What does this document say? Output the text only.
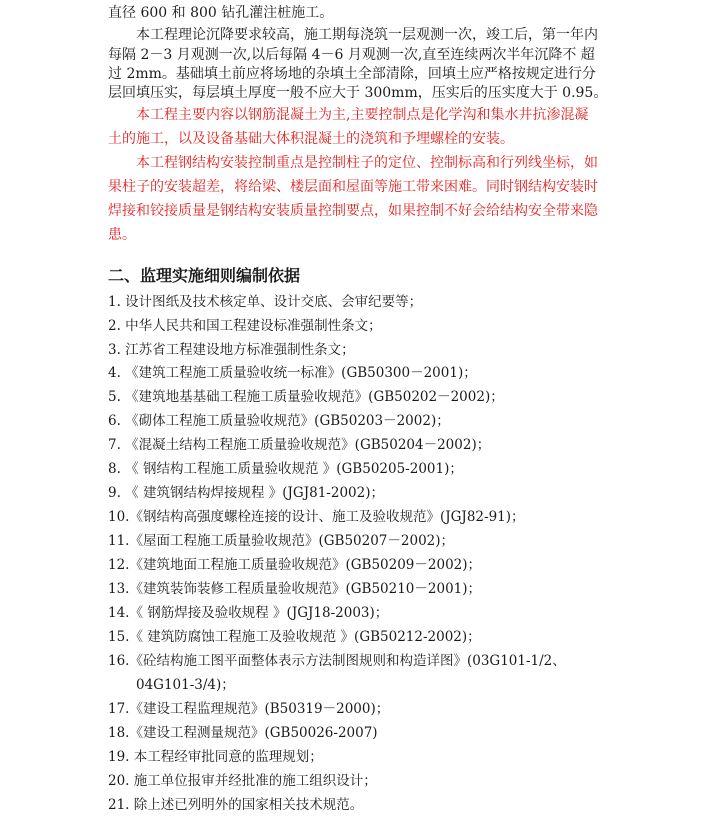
直径 600 和 800 钻孔灌注桩施工。
本工程理论沉降要求较高，施工期每浇筑一层观测一次，竣工后，第一年内
每隔 2－3 月观测一次,以后每隔 4－6 月观测一次,直至连续两次半年沉降不 超
过 2mm。基础填土前应将场地的杂填土全部清除，回填土应严格按规定进行分
层回填压实，每层填土厚度一般不应大于 300mm，压实后的压实度大于 0.95。
本工程主要内容以钢筋混凝土为主,主要控制点是化学沟和集水井抗渗混凝
土的施工，以及设备基础大体积混凝土的浇筑和予埋螺栓的安装。
本工程钢结构安装控制重点是控制柱子的定位、控制标高和行列线坐标，如
果柱子的安装超差，将给梁、楼层面和屋面等施工带来困难。同时钢结构安装时
焊接和铰接质量是钢结构安装质量控制要点，如果控制不好会给结构安全带来隐
患。
二、监理实施细则编制依据
1. 设计图纸及技术核定单、设计交底、会审纪要等；
2. 中华人民共和国工程建设标准强制性条文；
3. 江苏省工程建设地方标准强制性条文；
4. 《建筑工程施工质量验收统一标准》(GB50300－2001)；
5. 《建筑地基基础工程施工质量验收规范》(GB50202－2002)；
6. 《砌体工程施工质量验收规范》(GB50203－2002)；
7. 《混凝土结构工程施工质量验收规范》(GB50204－2002)；
8. 《 钢结构工程施工质量验收规范 》(GB50205-2001)；
9. 《 建筑钢结构焊接规程 》(JGJ81-2002)；
10.《钢结构高强度螺栓连接的设计、施工及验收规范》(JGJ82-91)；
11.《屋面工程施工质量验收规范》(GB50207－2002)；
12.《建筑地面工程施工质量验收规范》(GB50209－2002)；
13.《建筑装饰装修工程质量验收规范》(GB50210－2001)；
14.《 钢筋焊接及验收规程 》(JGJ18-2003)；
15.《 建筑防腐蚀工程施工及验收规范 》(GB50212-2002)；
16.《砼结构施工图平面整体表示方法制图规则和构造详图》(03G101-1/2、
04G101-3/4)；
17.《建设工程监理规范》(B50319－2000)；
18.《建设工程测量规范》(GB50026-2007)
19. 本工程经审批同意的监理规划；
20. 施工单位报审并经批准的施工组织设计；
21. 除上述已列明外的国家相关技术规范。
